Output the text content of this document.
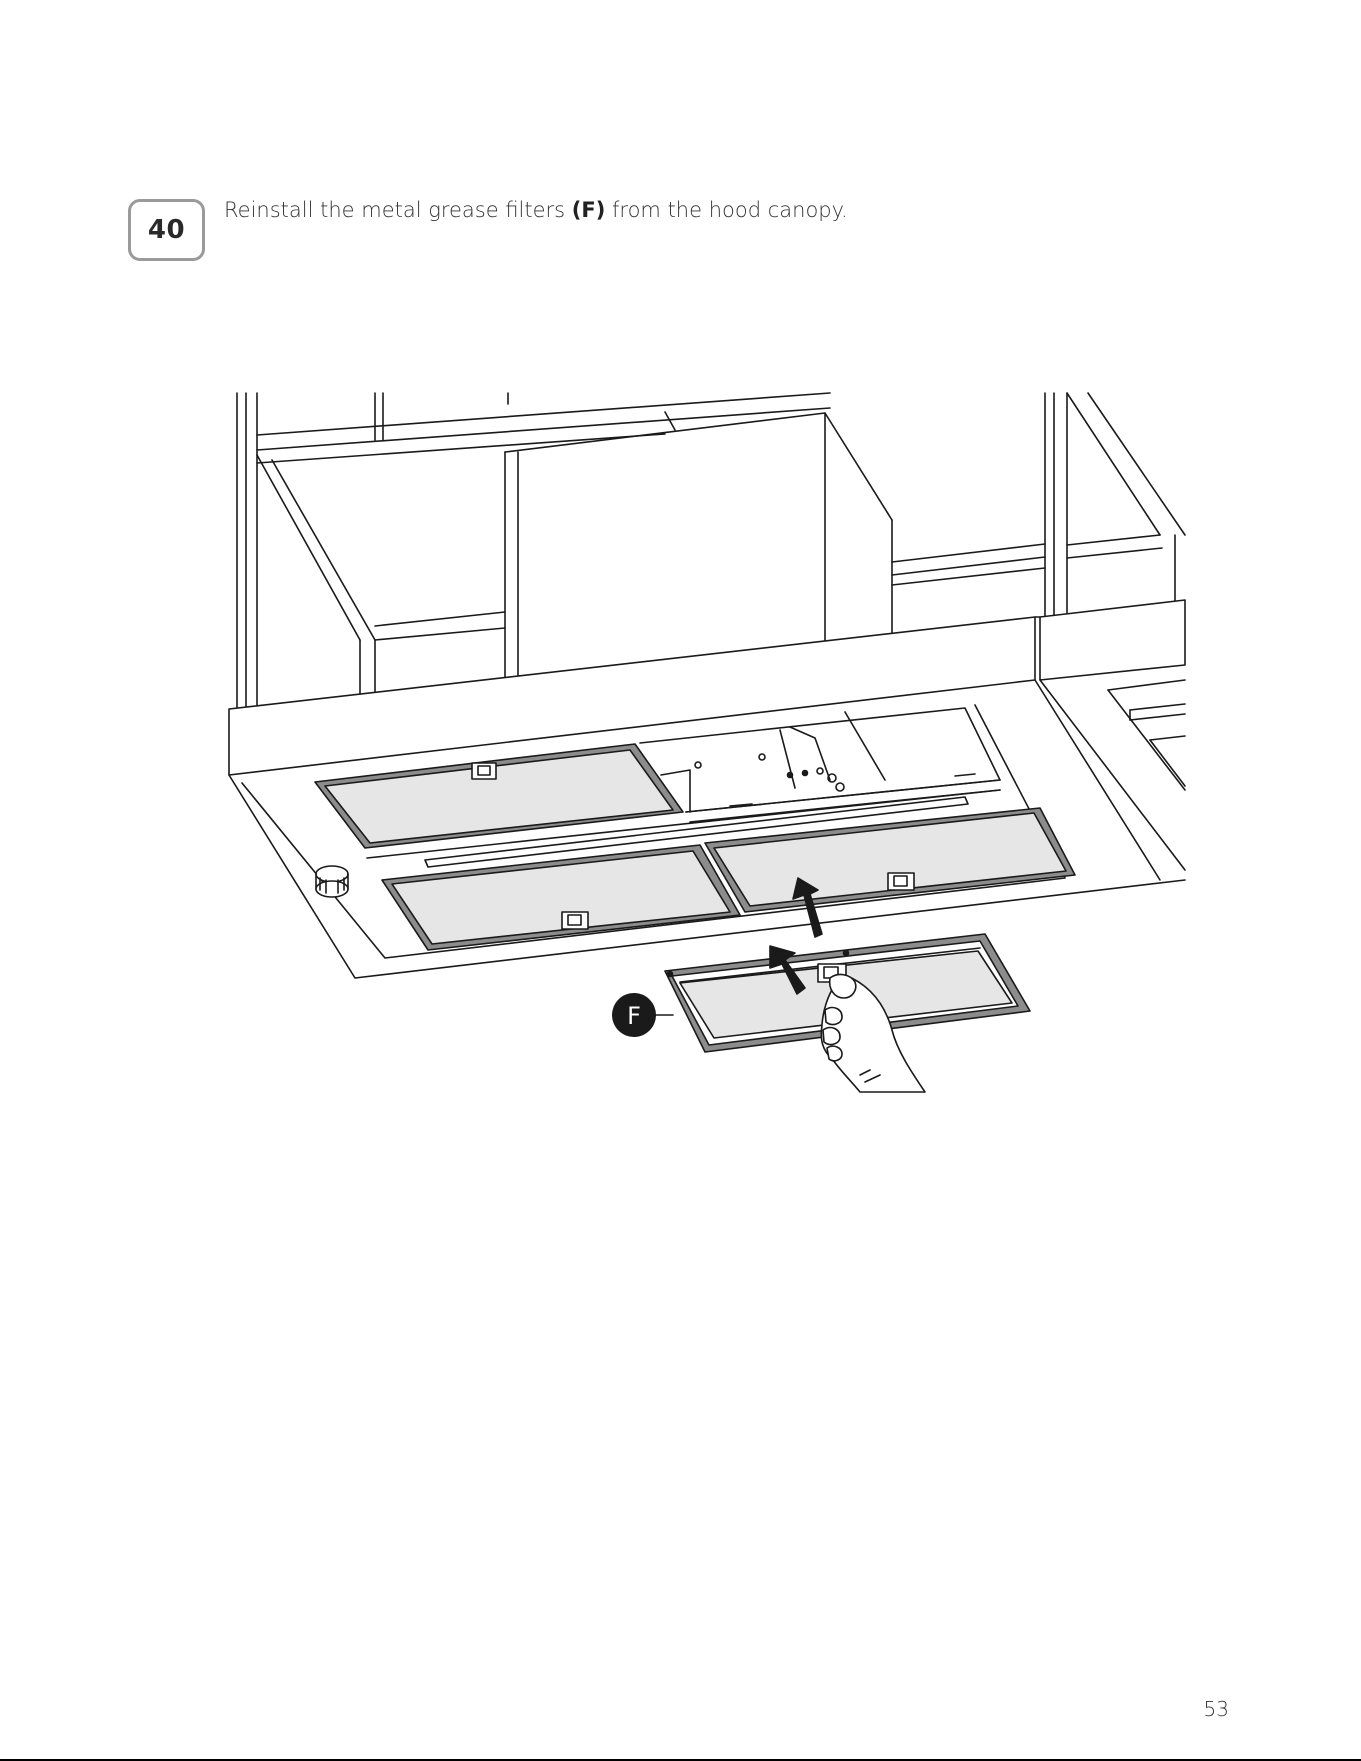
40
Reinstall the metal grease filters (F) from the hood canopy.
F
53
